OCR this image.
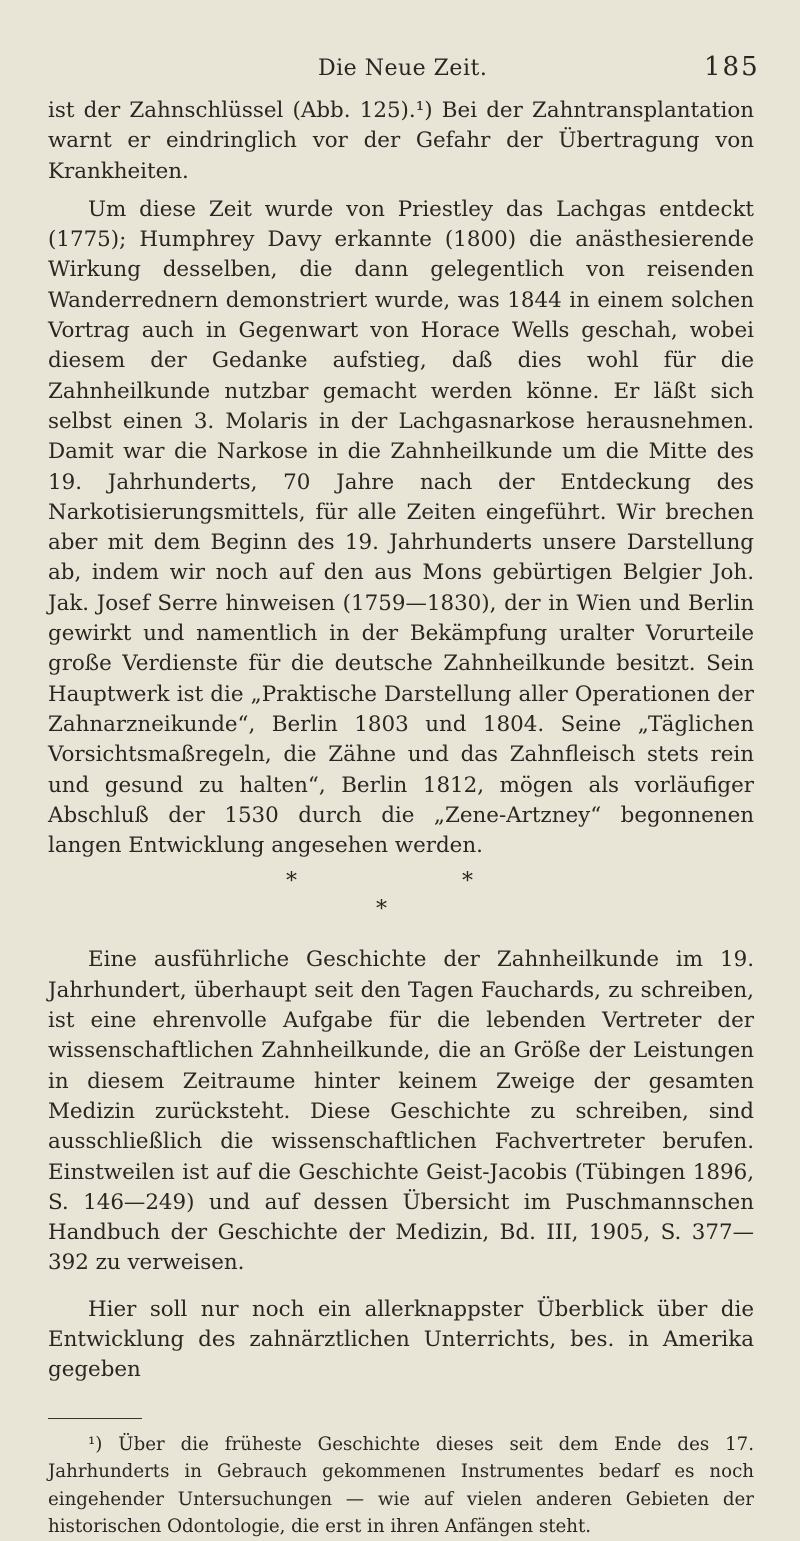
Die Neue Zeit.	185

ist der Zahnschlüssel (Abb. 125).¹) Bei der Zahntransplantation warnt er eindringlich vor der Gefahr der Übertragung von Krankheiten.

Um diese Zeit wurde von Priestley das Lachgas entdeckt (1775); Humphrey Davy erkannte (1800) die anästhesierende Wirkung desselben, die dann gelegentlich von reisenden Wanderrednern demonstriert wurde, was 1844 in einem solchen Vortrag auch in Gegenwart von Horace Wells geschah, wobei diesem der Gedanke aufstieg, daß dies wohl für die Zahnheilkunde nutzbar gemacht werden könne. Er läßt sich selbst einen 3. Molaris in der Lachgasnarkose herausnehmen. Damit war die Narkose in die Zahnheilkunde um die Mitte des 19. Jahrhunderts, 70 Jahre nach der Entdeckung des Narkotisierungsmittels, für alle Zeiten eingeführt. Wir brechen aber mit dem Beginn des 19. Jahrhunderts unsere Darstellung ab, indem wir noch auf den aus Mons gebürtigen Belgier Joh. Jak. Josef Serre hinweisen (1759—1830), der in Wien und Berlin gewirkt und namentlich in der Bekämpfung uralter Vorurteile große Verdienste für die deutsche Zahnheilkunde besitzt. Sein Hauptwerk ist die „Praktische Darstellung aller Operationen der Zahnarzneikunde“, Berlin 1803 und 1804. Seine „Täglichen Vorsichtsmaßregeln, die Zähne und das Zahnfleisch stets rein und gesund zu halten“, Berlin 1812, mögen als vorläufiger Abschluß der 1530 durch die „Zene-Artzney“ begonnenen langen Entwicklung angesehen werden.

*	*
*

Eine ausführliche Geschichte der Zahnheilkunde im 19. Jahrhundert, überhaupt seit den Tagen Fauchards, zu schreiben, ist eine ehrenvolle Aufgabe für die lebenden Vertreter der wissenschaftlichen Zahnheilkunde, die an Größe der Leistungen in diesem Zeitraume hinter keinem Zweige der gesamten Medizin zurücksteht. Diese Geschichte zu schreiben, sind ausschließlich die wissenschaftlichen Fachvertreter berufen. Einstweilen ist auf die Geschichte Geist-Jacobis (Tübingen 1896, S. 146—249) und auf dessen Übersicht im Puschmannschen Handbuch der Geschichte der Medizin, Bd. III, 1905, S. 377—392 zu verweisen.

Hier soll nur noch ein allerknappster Überblick über die Entwicklung des zahnärztlichen Unterrichts, bes. in Amerika gegeben

¹) Über die früheste Geschichte dieses seit dem Ende des 17. Jahrhunderts in Gebrauch gekommenen Instrumentes bedarf es noch eingehender Untersuchungen — wie auf vielen anderen Gebieten der historischen Odontologie, die erst in ihren Anfängen steht.
